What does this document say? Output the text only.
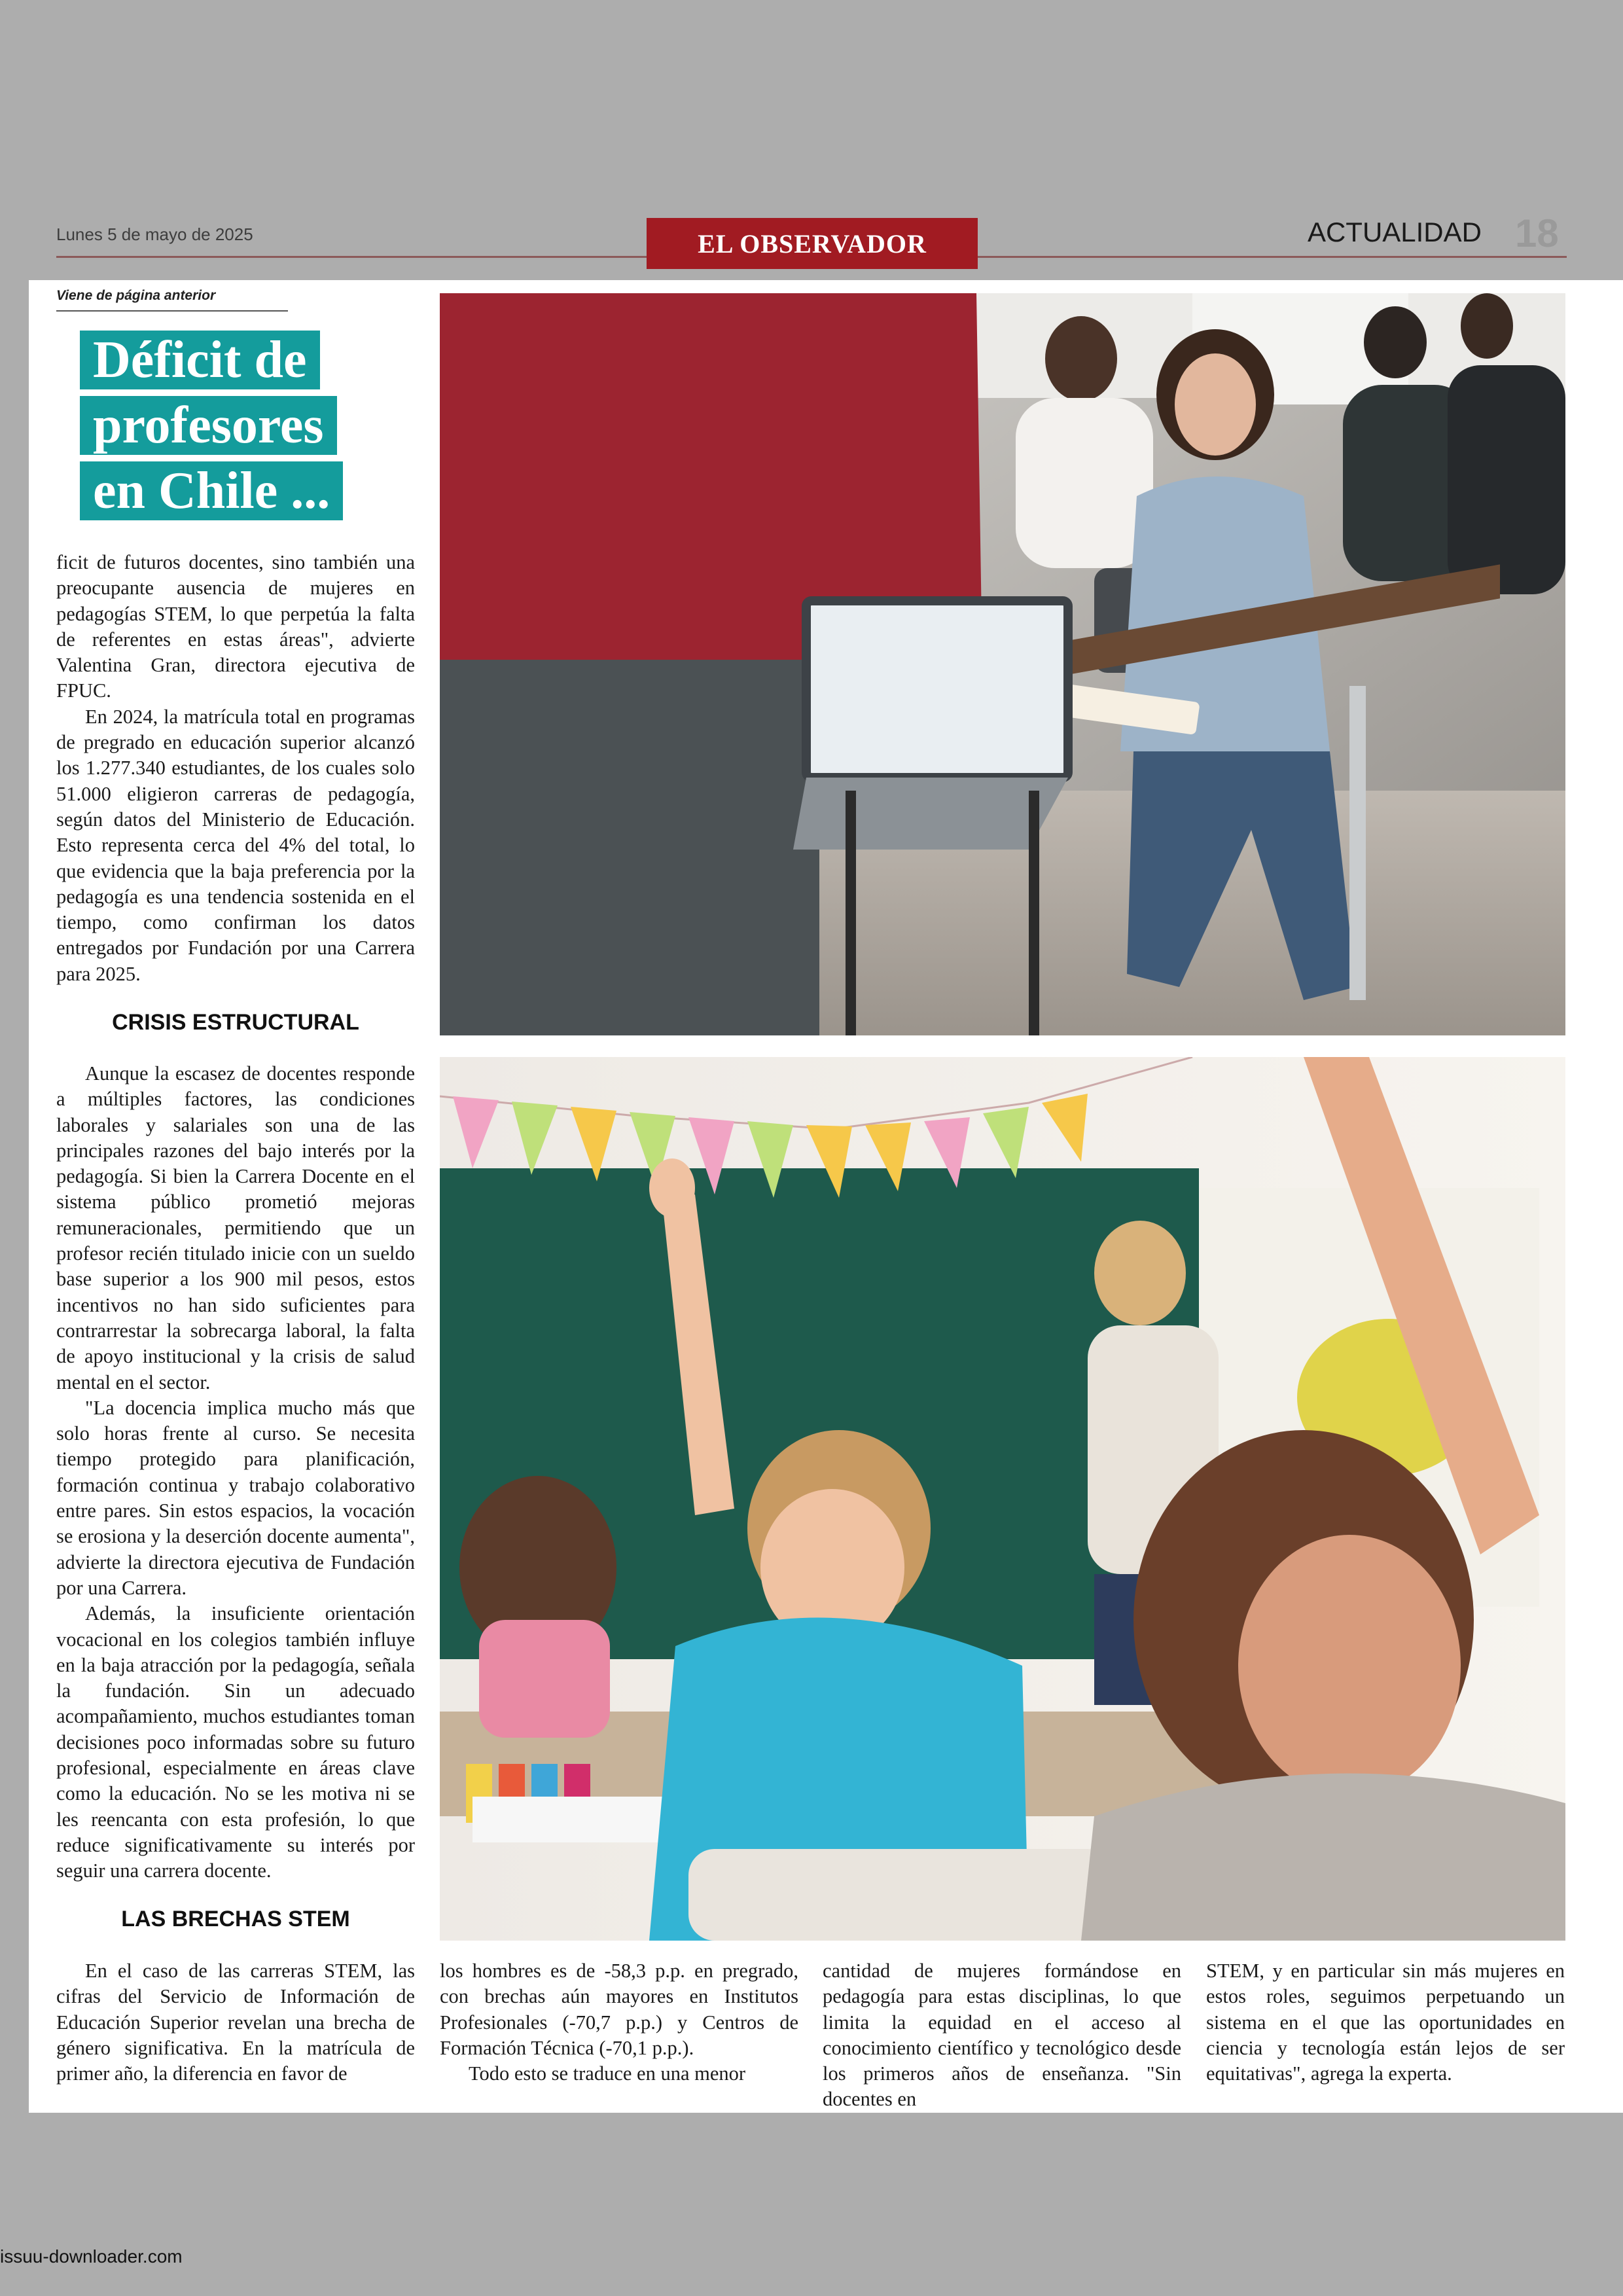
Lunes 5 de mayo de 2025	EL OBSERVADOR	ACTUALIDAD 18
Viene de página anterior
Déficit de
profesores
en Chile ...

ficit de futuros docentes, sino también una preocupante ausencia de mujeres en pedagogías STEM, lo que perpetúa la falta de referentes en estas áreas", advierte Valentina Gran, directora ejecutiva de FPUC.

En 2024, la matrícula total en programas de pregrado en educación superior alcanzó los 1.277.340 estudiantes, de los cuales solo 51.000 eligieron carreras de pedagogía, según datos del Ministerio de Educación. Esto representa cerca del 4% del total, lo que evidencia que la baja preferencia por la pedagogía es una tendencia sostenida en el tiempo, como confirman los datos entregados por Fundación por una Carrera para 2025.

CRISIS ESTRUCTURAL

Aunque la escasez de docentes responde a múltiples factores, las condiciones laborales y salariales son una de las principales razones del bajo interés por la pedagogía. Si bien la Carrera Docente en el sistema público prometió mejoras remuneracionales, permitiendo que un profesor recién titulado inicie con un sueldo base superior a los 900 mil pesos, estos incentivos no han sido suficientes para contrarrestar la sobrecarga laboral, la falta de apoyo institucional y la crisis de salud mental en el sector.

"La docencia implica mucho más que solo horas frente al curso. Se necesita tiempo protegido para planificación, formación continua y trabajo colaborativo entre pares. Sin estos espacios, la vocación se erosiona y la deserción docente aumenta", advierte la directora ejecutiva de Fundación por una Carrera.

Además, la insuficiente orientación vocacional en los colegios también influye en la baja atracción por la pedagogía, señala la fundación. Sin un adecuado acompañamiento, muchos estudiantes toman decisiones poco informadas sobre su futuro profesional, especialmente en áreas clave como la educación. No se les motiva ni se les reencanta con esta profesión, lo que reduce significativamente su interés por seguir una carrera docente.

LAS BRECHAS STEM

En el caso de las carreras STEM, las cifras del Servicio de Información de Educación Superior revelan una brecha de género significativa. En la matrícula de primer año, la diferencia en favor de

los hombres es de -58,3 p.p. en pregrado, con brechas aún mayores en Institutos Profesionales (-70,7 p.p.) y Centros de Formación Técnica (-70,1 p.p.).

Todo esto se traduce en una menor

cantidad de mujeres formándose en pedagogía para estas disciplinas, lo que limita la equidad en el acceso al conocimiento científico y tecnológico desde los primeros años de enseñanza. "Sin docentes en

STEM, y en particular sin más mujeres en estos roles, seguimos perpetuando un sistema en el que las oportunidades en ciencia y tecnología están lejos de ser equitativas", agrega la experta.

issuu-downloader.com
